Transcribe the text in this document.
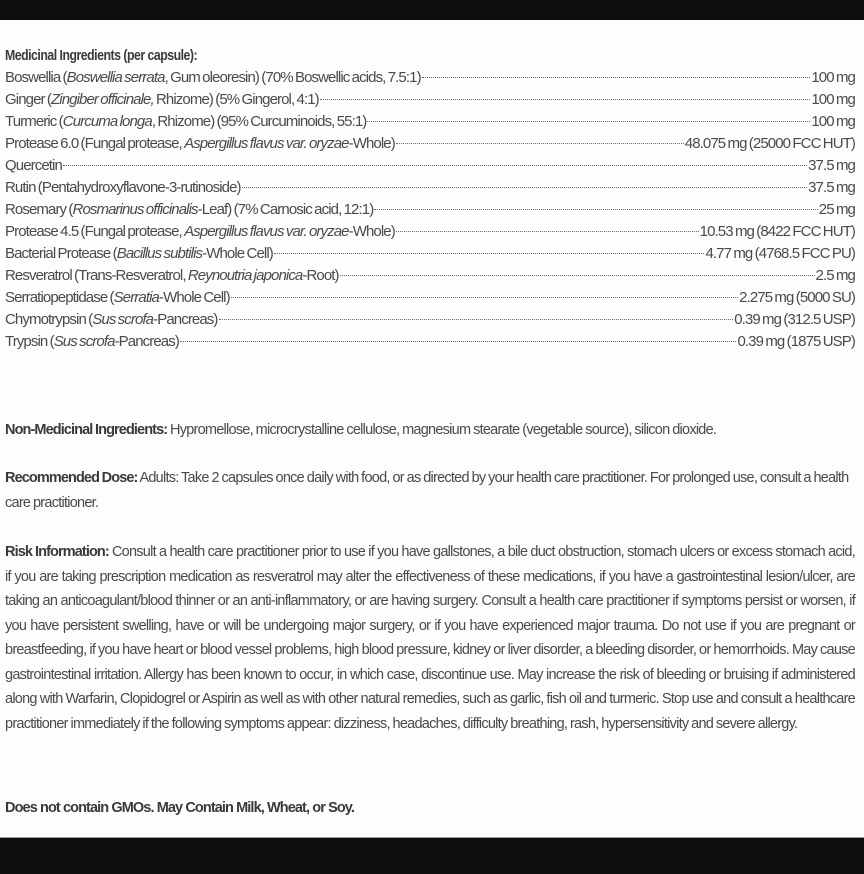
Medicinal Ingredients (per capsule):
Boswellia (Boswellia serrata, Gum oleoresin) (70% Boswellic acids, 7.5:1)	100 mg
Ginger (Zingiber officinale, Rhizome) (5% Gingerol, 4:1)	100 mg
Turmeric (Curcuma longa, Rhizome) (95% Curcuminoids, 55:1)	100 mg
Protease 6.0 (Fungal protease, Aspergillus flavus var. oryzae-Whole)	48.075 mg (25000 FCC HUT)
Quercetin	37.5 mg
Rutin (Pentahydroxyflavone-3-rutinoside)	37.5 mg
Rosemary (Rosmarinus officinalis-Leaf) (7% Carnosic acid, 12:1)	25 mg
Protease 4.5 (Fungal protease, Aspergillus flavus var. oryzae-Whole)	10.53 mg (8422 FCC HUT)
Bacterial Protease (Bacillus subtilis-Whole Cell)	4.77 mg (4768.5 FCC PU)
Resveratrol (Trans-Resveratrol, Reynoutria japonica-Root)	2.5 mg
Serratiopeptidase (Serratia-Whole Cell)	2.275 mg (5000 SU)
Chymotrypsin (Sus scrofa-Pancreas)	0.39 mg (312.5 USP)
Trypsin (Sus scrofa-Pancreas)	0.39 mg (1875 USP)
Non-Medicinal Ingredients: Hypromellose, microcrystalline cellulose, magnesium stearate (vegetable source), silicon dioxide.
Recommended Dose: Adults: Take 2 capsules once daily with food, or as directed by your health care practitioner. For prolonged use, consult a health care practitioner.
Risk Information: Consult a health care practitioner prior to use if you have gallstones, a bile duct obstruction, stomach ulcers or excess stomach acid, if you are taking prescription medication as resveratrol may alter the effectiveness of these medications, if you have a gastrointestinal lesion/ulcer, are taking an anticoagulant/blood thinner or an anti-inflammatory, or are having surgery. Consult a health care practitioner if symptoms persist or worsen, if you have persistent swelling, have or will be undergoing major surgery, or if you have experienced major trauma. Do not use if you are pregnant or breastfeeding, if you have heart or blood vessel problems, high blood pressure, kidney or liver disorder, a bleeding disorder, or hemorrhoids. May cause gastrointestinal irritation. Allergy has been known to occur, in which case, discontinue use. May increase the risk of bleeding or bruising if administered along with Warfarin, Clopidogrel or Aspirin as well as with other natural remedies, such as garlic, fish oil and turmeric. Stop use and consult a healthcare practitioner immediately if the following symptoms appear: dizziness, headaches, difficulty breathing, rash, hypersensitivity and severe allergy.
Does not contain GMOs. May Contain Milk, Wheat, or Soy.
